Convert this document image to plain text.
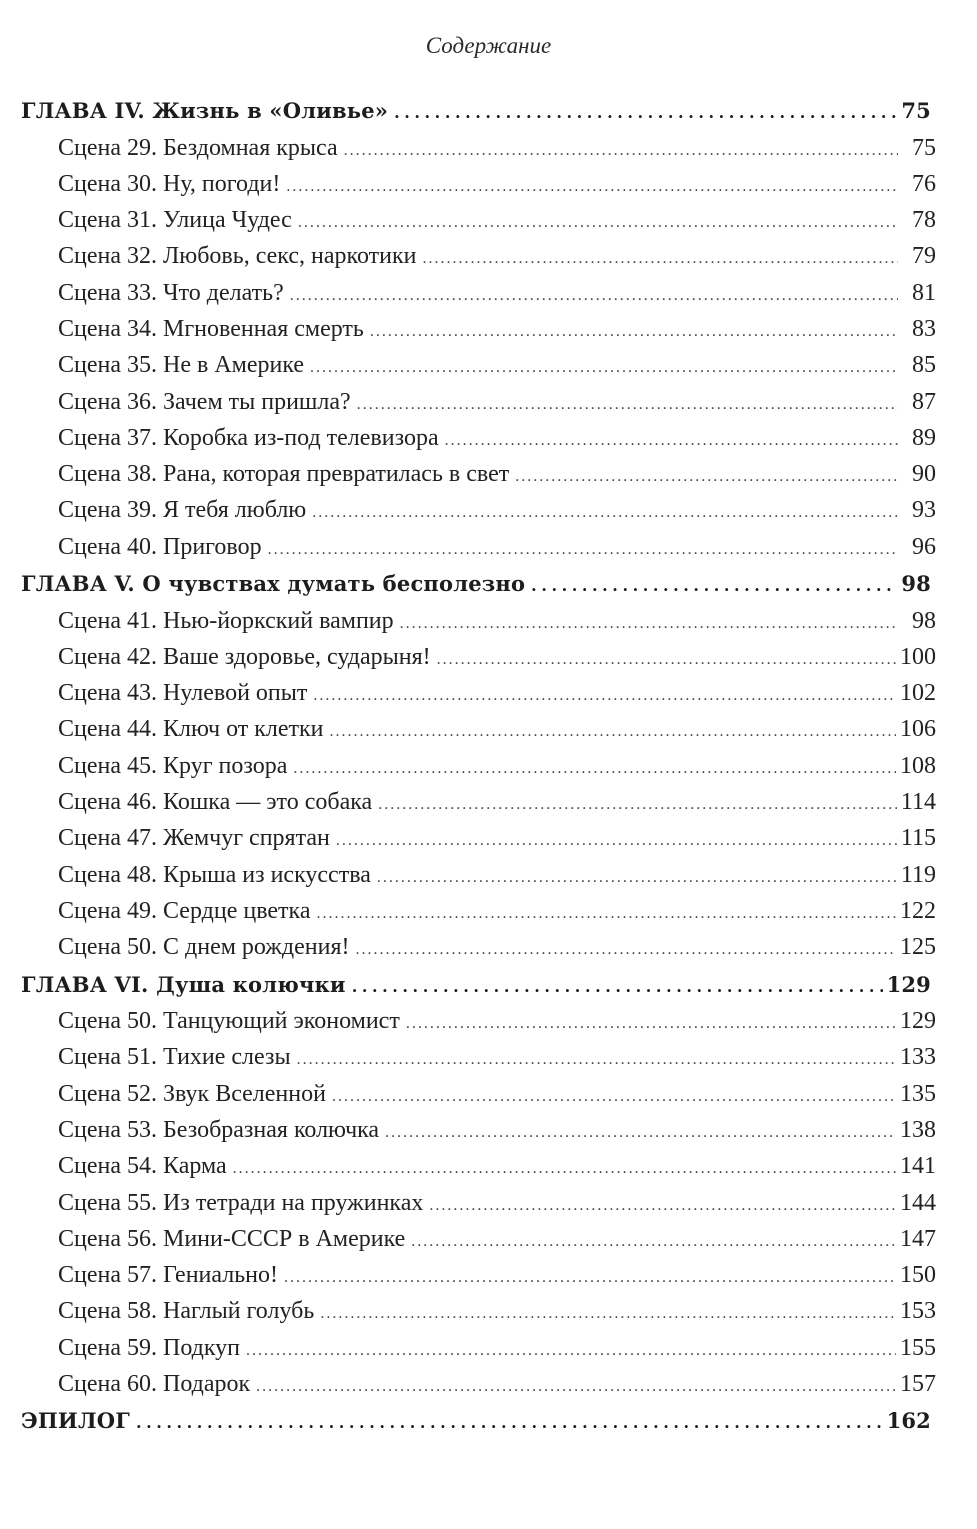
Содержание
ГЛАВА IV. Жизнь в «Оливье» . . .	75
Сцена 29. Бездомная крыса . . .	75
Сцена 30. Ну, погоди! . . .	76
Сцена 31. Улица Чудес . . .	78
Сцена 32. Любовь, секс, наркотики . . .	79
Сцена 33. Что делать? . . .	81
Сцена 34. Мгновенная смерть . . .	83
Сцена 35. Не в Америке . . .	85
Сцена 36. Зачем ты пришла? . . .	87
Сцена 37. Коробка из-под телевизора . . .	89
Сцена 38. Рана, которая превратилась в свет . . .	90
Сцена 39. Я тебя люблю . . .	93
Сцена 40. Приговор . . .	96
ГЛАВА V. О чувствах думать бесполезно . . .	98
Сцена 41. Нью-йоркский вампир . . .	98
Сцена 42. Ваше здоровье, сударыня! . . .	100
Сцена 43. Нулевой опыт . . .	102
Сцена 44. Ключ от клетки . . .	106
Сцена 45. Круг позора . . .	108
Сцена 46. Кошка — это собака . . .	114
Сцена 47. Жемчуг спрятан . . .	115
Сцена 48. Крыша из искусства . . .	119
Сцена 49. Сердце цветка . . .	122
Сцена 50. С днем рождения! . . .	125
ГЛАВА VI. Душа колючки . . .	129
Сцена 50. Танцующий экономист . . .	129
Сцена 51. Тихие слезы . . .	133
Сцена 52. Звук Вселенной . . .	135
Сцена 53. Безобразная колючка . . .	138
Сцена 54. Карма . . .	141
Сцена 55. Из тетради на пружинках . . .	144
Сцена 56. Мини-СССР в Америке . . .	147
Сцена 57. Гениально! . . .	150
Сцена 58. Наглый голубь . . .	153
Сцена 59. Подкуп . . .	155
Сцена 60. Подарок . . .	157
ЭПИЛОГ . . .	162
